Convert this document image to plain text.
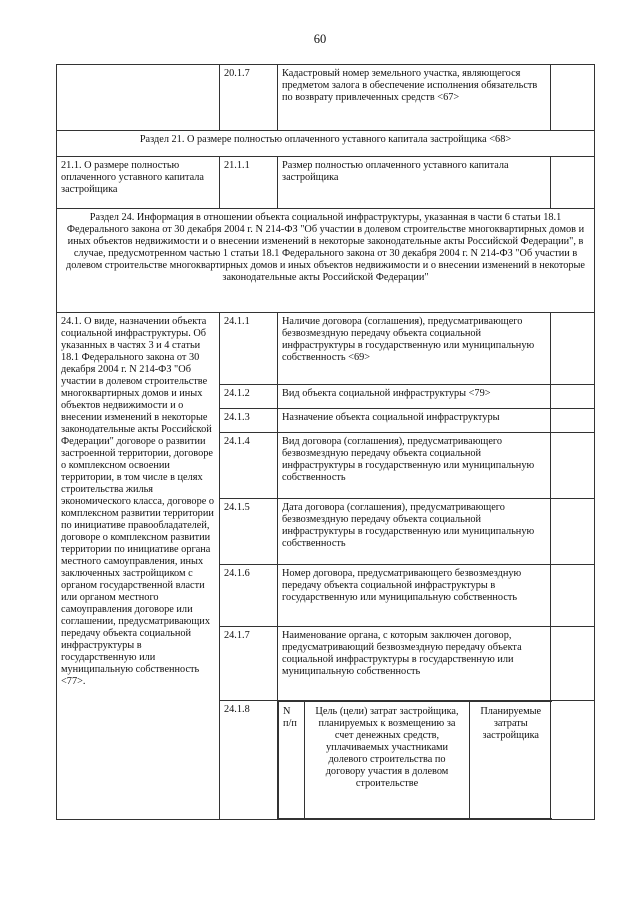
60
	20.1.7	Кадастровый номер земельного участка, являющегося предметом залога в обеспечение исполнения обязательств по возврату привлеченных средств <67>	
Раздел 21. О размере полностью оплаченного уставного капитала застройщика <68>
21.1. О размере полностью оплаченного уставного капитала застройщика	21.1.1	Размер полностью оплаченного уставного капитала застройщика	
Раздел 24. Информация в отношении объекта социальной инфраструктуры, указанная в части 6 статьи 18.1 Федерального закона от 30 декабря 2004 г. N 214-ФЗ "Об участии в долевом строительстве многоквартирных домов и иных объектов недвижимости и о внесении изменений в некоторые законодательные акты Российской Федерации", в случае, предусмотренном частью 1 статьи 18.1 Федерального закона от 30 декабря 2004 г. N 214-ФЗ "Об участии в долевом строительстве многоквартирных домов и иных объектов недвижимости и о внесении изменений в некоторые законодательные акты Российской Федерации"
24.1. О виде, назначении объекта социальной инфраструктуры. Об указанных в частях 3 и 4 статьи 18.1 Федерального закона от 30 декабря 2004 г. N 214-ФЗ "Об участии в долевом строительстве многоквартирных домов и иных объектов недвижимости и о внесении изменений в некоторые законодательные акты Российской Федерации" договоре о развитии застроенной территории, договоре о комплексном освоении территории, в том числе в целях строительства жилья экономического класса, договоре о комплексном развитии территории по инициативе правообладателей, договоре о комплексном развитии территории по инициативе органа местного самоуправления, иных заключенных застройщиком с органом государственной власти или органом местного самоуправления договоре или соглашении, предусматривающих передачу объекта социальной инфраструктуры в государственную или муниципальную собственность <77>.	24.1.1	Наличие договора (соглашения), предусматривающего безвозмездную передачу объекта социальной инфраструктуры в государственную или муниципальную собственность <69>	
24.1.2	Вид объекта социальной инфраструктуры <79>	
24.1.3	Назначение объекта социальной инфраструктуры	
24.1.4	Вид договора (соглашения), предусматривающего безвозмездную передачу объекта социальной инфраструктуры в государственную или муниципальную собственность	
24.1.5	Дата договора (соглашения), предусматривающего безвозмездную передачу объекта социальной инфраструктуры в государственную или муниципальную собственность	
24.1.6	Номер договора, предусматривающего безвозмездную передачу объекта социальной инфраструктуры в государственную или муниципальную собственность	
24.1.7	Наименование органа, с которым заключен договор, предусматривающий безвозмездную передачу объекта социальной инфраструктуры в государственную или муниципальную собственность	
24.1.8		N п/п	Цель (цели) затрат застройщика, планируемых к возмещению за счет денежных средств, уплачиваемых участниками долевого строительства по договору участия в долевом строительстве	Планируемые затраты застройщика
